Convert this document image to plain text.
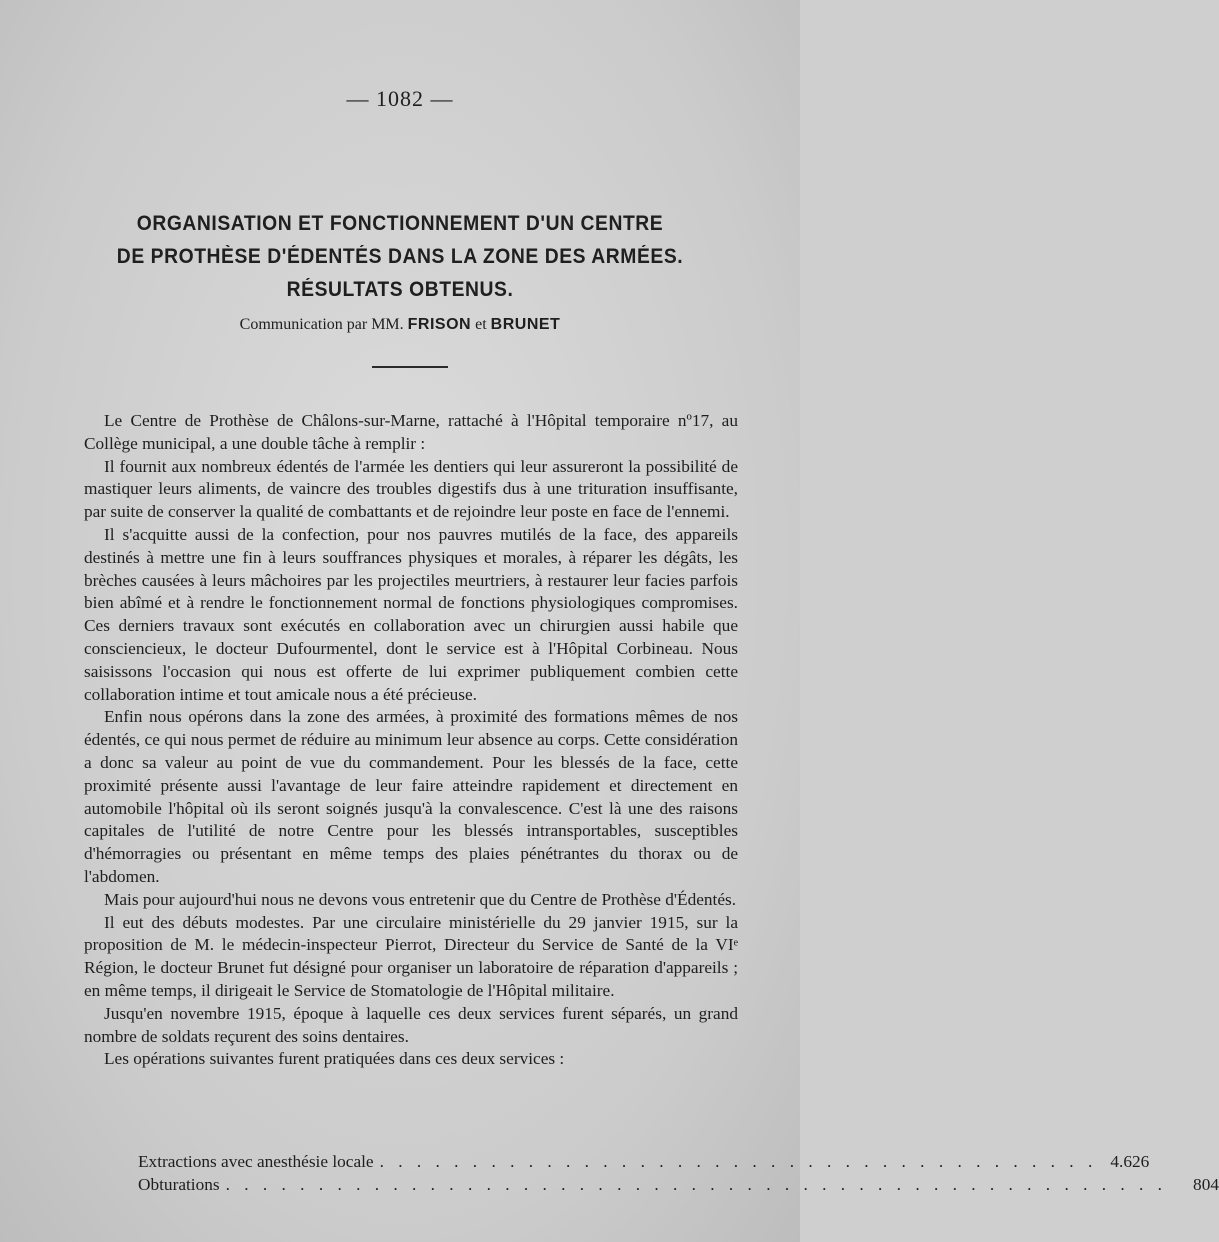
— 1082 —
ORGANISATION ET FONCTIONNEMENT D'UN CENTRE
DE PROTHÈSE D'ÉDENTÉS DANS LA ZONE DES ARMÉES.
RÉSULTATS OBTENUS.
Communication par MM. FRISON et BRUNET

Le Centre de Prothèse de Châlons-sur-Marne, rattaché à l'Hôpital temporaire nº17, au Collège municipal, a une double tâche à remplir :

Il fournit aux nombreux édentés de l'armée les dentiers qui leur assureront la possibilité de mastiquer leurs aliments, de vaincre des troubles digestifs dus à une trituration insuffisante, par suite de conserver la qualité de combattants et de rejoindre leur poste en face de l'ennemi.

Il s'acquitte aussi de la confection, pour nos pauvres mutilés de la face, des appareils destinés à mettre une fin à leurs souffrances physiques et morales, à réparer les dégâts, les brèches causées à leurs mâchoires par les projectiles meurtriers, à restaurer leur facies parfois bien abîmé et à rendre le fonctionnement normal de fonctions physiologiques compromises. Ces derniers travaux sont exécutés en collaboration avec un chirurgien aussi habile que consciencieux, le docteur Dufourmentel, dont le service est à l'Hôpital Corbineau. Nous saisissons l'occasion qui nous est offerte de lui exprimer publiquement combien cette collaboration intime et tout amicale nous a été précieuse.

Enfin nous opérons dans la zone des armées, à proximité des formations mêmes de nos édentés, ce qui nous permet de réduire au minimum leur absence au corps. Cette considération a donc sa valeur au point de vue du commandement. Pour les blessés de la face, cette proximité présente aussi l'avantage de leur faire atteindre rapidement et directement en automobile l'hôpital où ils seront soignés jusqu'à la convalescence. C'est là une des raisons capitales de l'utilité de notre Centre pour les blessés intransportables, susceptibles d'hémorragies ou présentant en même temps des plaies pénétrantes du thorax ou de l'abdomen.

Mais pour aujourd'hui nous ne devons vous entretenir que du Centre de Prothèse d'Édentés.

Il eut des débuts modestes. Par une circulaire ministérielle du 29 janvier 1915, sur la proposition de M. le médecin-inspecteur Pierrot, Directeur du Service de Santé de la VIᵉ Région, le docteur Brunet fut désigné pour organiser un laboratoire de réparation d'appareils ; en même temps, il dirigeait le Service de Stomatologie de l'Hôpital militaire.

Jusqu'en novembre 1915, époque à laquelle ces deux services furent séparés, un grand nombre de soldats reçurent des soins dentaires.

Les opérations suivantes furent pratiquées dans ces deux services :

Extractions avec anesthésie locale . . . . . . . . . . . . . . . . . . . . . . . . . . . . . . . . . . . . . . . 4.626
Obturations . . . . . . . . . . . . . . . . . . . . . . . . . . . . . . . . . . . . . . . . . . . . . . . . . . .	804
